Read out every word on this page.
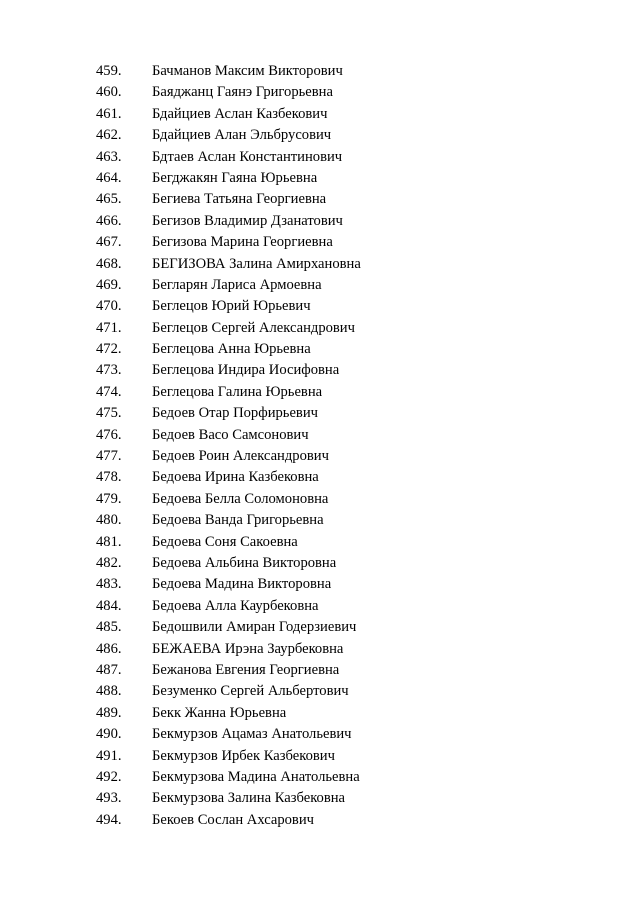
459. Бачманов Максим Викторович
460. Баяджанц Гаянэ Григорьевна
461. Бдайциев Аслан Казбекович
462. Бдайциев Алан Эльбрусович
463. Бдтаев Аслан Константинович
464. Бегджакян Гаяна Юрьевна
465. Бегиева Татьяна Георгиевна
466. Бегизов Владимир Дзанатович
467. Бегизова Марина Георгиевна
468. БЕГИЗОВА Залина Амирхановна
469. Бегларян Лариса Армоевна
470. Беглецов Юрий Юрьевич
471. Беглецов Сергей Александрович
472. Беглецова Анна Юрьевна
473. Беглецова Индира Иосифовна
474. Беглецова Галина Юрьевна
475. Бедоев Отар Порфирьевич
476. Бедоев Васо Самсонович
477. Бедоев Роин Александрович
478. Бедоева Ирина Казбековна
479. Бедоева Белла Соломоновна
480. Бедоева Ванда Григорьевна
481. Бедоева Соня Сакоевна
482. Бедоева Альбина Викторовна
483. Бедоева Мадина Викторовна
484. Бедоева Алла Каурбековна
485. Бедошвили Амиран Годерзиевич
486. БЕЖАЕВА Ирэна Заурбековна
487. Бежанова Евгения Георгиевна
488. Безуменко Сергей Альбертович
489. Бекк Жанна Юрьевна
490. Бекмурзов Ацамаз Анатольевич
491. Бекмурзов Ирбек Казбекович
492. Бекмурзова Мадина Анатольевна
493. Бекмурзова Залина Казбековна
494. Бекоев Сослан Ахсарович
